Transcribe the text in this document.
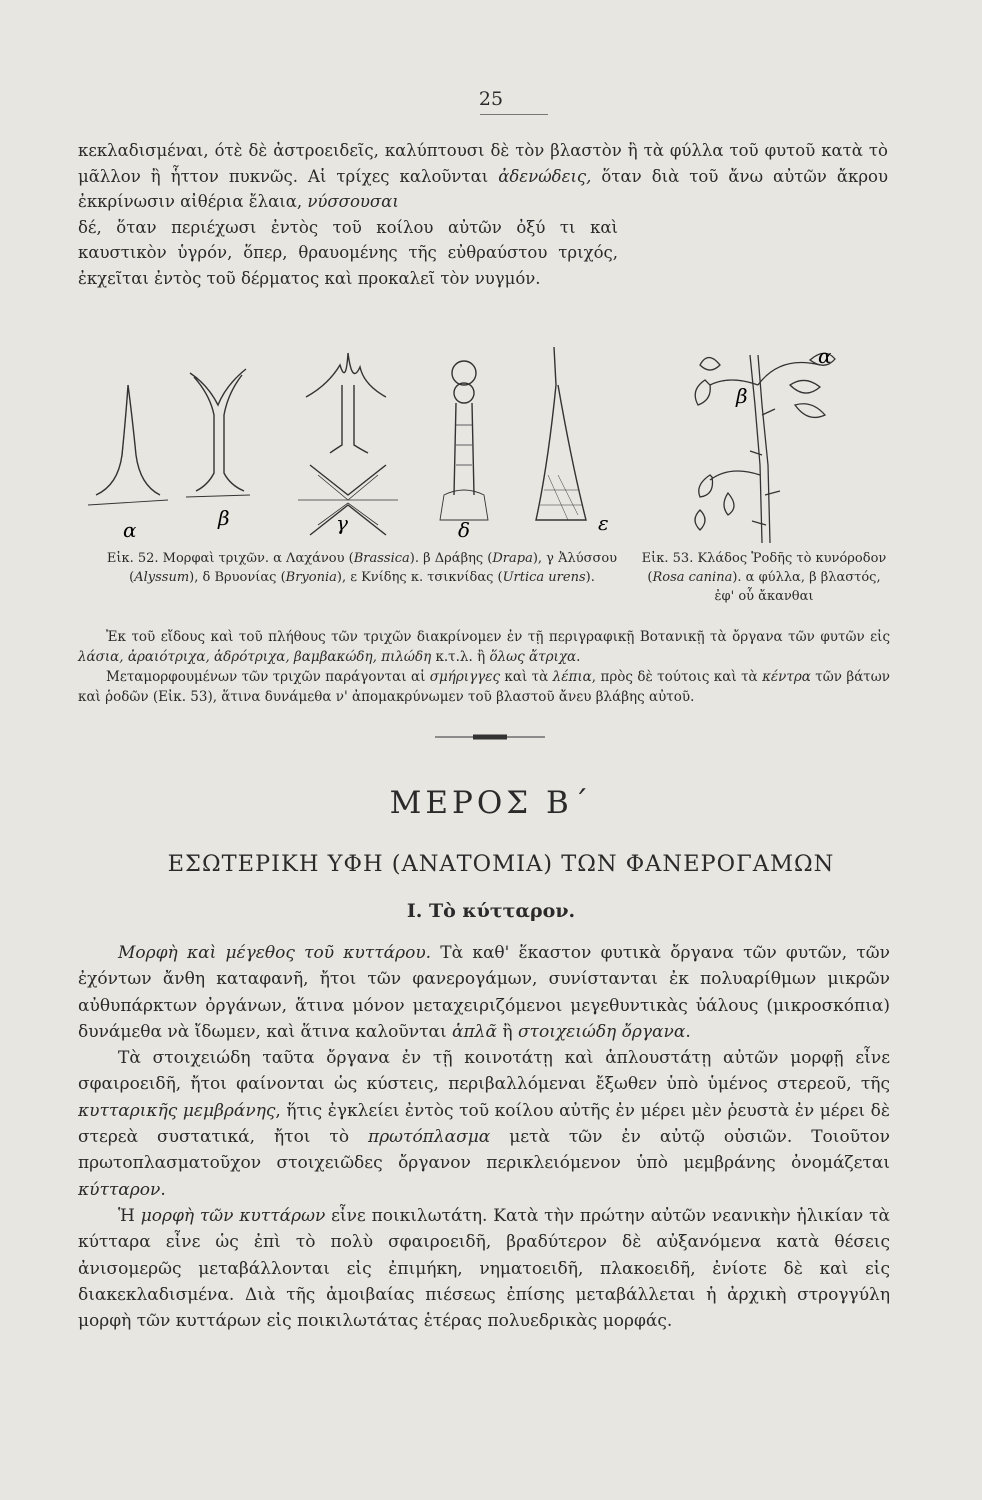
25
κεκλαδισμέναι, ότὲ δὲ ἀστροειδεῖς, καλύπτουσι δὲ τὸν βλαστὸν ἢ τὰ φύλλα τοῦ φυτοῦ κατὰ τὸ μᾶλλον ἢ ἧττον πυκνῶς. Αἱ τρίχες καλοῦνται ἀδενώδεις, ὅταν διὰ τοῦ ἄνω αὐτῶν ἄκρου ἐκκρίνωσιν αἰθέρια ἔλαια, νύσσουσαι
δέ, ὅταν περιέχωσι ἐντὸς τοῦ κοίλου αὐτῶν ὀξύ τι καὶ καυστικὸν ὑγρόν, ὅπερ, θραυομένης τῆς εὐθραύστου τριχός, ἐκχεῖται ἐντὸς τοῦ δέρματος καὶ προκαλεῖ τὸν νυγμόν.
α	β	γ	δ	ε
α
β
Εἰκ. 52. Μορφαὶ τριχῶν. α Λαχάνου (Brassica). β Δράβης (Drapa), γ Ἀλύσσου (Alyssum), δ Βρυονίας (Bryonia), ε Κνίδης κ. τσικνίδας (Urtica urens).
Εἰκ. 53. Κλάδος Ῥοδῆς τὸ κυνόροδον (Rosa canina). α φύλλα, β βλαστός, ἐφ' οὗ ἄκανθαι

Ἐκ τοῦ εἴδους καὶ τοῦ πλήθους τῶν τριχῶν διακρίνομεν ἐν τῇ περιγραφικῇ Βοτανικῇ τὰ ὄργανα τῶν φυτῶν εἰς λάσια, ἀραιότριχα, ἁδρότριχα, βαμβακώδη, πιλώδη κ.τ.λ. ἢ ὅλως ἄτριχα.

Μεταμορφουμένων τῶν τριχῶν παράγονται αἱ σμήριγγες καὶ τὰ λέπια, πρὸς δὲ τούτοις καὶ τὰ κέντρα τῶν βάτων καὶ ῥοδῶν (Εἰκ. 53), ἅτινα δυνάμεθα ν' ἀπομακρύνωμεν τοῦ βλαστοῦ ἄνευ βλάβης αὐτοῦ.

ΜΕΡΟΣ Β΄
ΕΣΩΤΕΡΙΚΗ ΥΦΗ (ΑΝΑΤΟΜΙΑ) ΤΩΝ ΦΑΝΕΡΟΓΑΜΩΝ
I. Τὸ κύτταρον.

Μορφὴ καὶ μέγεθος τοῦ κυττάρου. Τὰ καθ' ἕκαστον φυτικὰ ὄργανα τῶν φυτῶν, τῶν ἐχόντων ἄνθη καταφανῆ, ἤτοι τῶν φανερογάμων, συνίστανται ἐκ πολυαρίθμων μικρῶν αὐθυπάρκτων ὀργάνων, ἅτινα μόνον μεταχειριζόμενοι μεγεθυντικὰς ὑάλους (μικροσκόπια) δυνάμεθα νὰ ἴδωμεν, καὶ ἅτινα καλοῦνται ἁπλᾶ ἢ στοιχειώδη ὄργανα.

Τὰ στοιχειώδη ταῦτα ὄργανα ἐν τῇ κοινοτάτῃ καὶ ἁπλουστάτῃ αὐτῶν μορφῇ εἶνε σφαιροειδῆ, ἤτοι φαίνονται ὡς κύστεις, περιβαλλόμεναι ἔξωθεν ὑπὸ ὑμένος στερεοῦ, τῆς κυτταρικῆς μεμβράνης, ἥτις ἐγκλείει ἐντὸς τοῦ κοίλου αὐτῆς ἐν μέρει μὲν ῥευστὰ ἐν μέρει δὲ στερεὰ συστατικά, ἤτοι τὸ πρωτόπλασμα μετὰ τῶν ἐν αὐτῷ οὐσιῶν. Τοιοῦτον πρωτοπλασματοῦχον στοιχειῶδες ὄργανον περικλειόμενον ὑπὸ μεμβράνης ὀνομάζεται κύτταρον.

Ἡ μορφὴ τῶν κυττάρων εἶνε ποικιλωτάτη. Κατὰ τὴν πρώτην αὐτῶν νεανικὴν ἡλικίαν τὰ κύτταρα εἶνε ὡς ἐπὶ τὸ πολὺ σφαιροειδῆ, βραδύτερον δὲ αὐξανόμενα κατὰ θέσεις ἀνισομερῶς μεταβάλλονται εἰς ἐπιμήκη, νηματοειδῆ, πλακοειδῆ, ἐνίοτε δὲ καὶ εἰς διακεκλαδισμένα. Διὰ τῆς ἀμοιβαίας πιέσεως ἐπίσης μεταβάλλεται ἡ ἀρχικὴ στρογγύλη μορφὴ τῶν κυττάρων εἰς ποικιλωτάτας ἑτέρας πολυεδρικὰς μορφάς.
